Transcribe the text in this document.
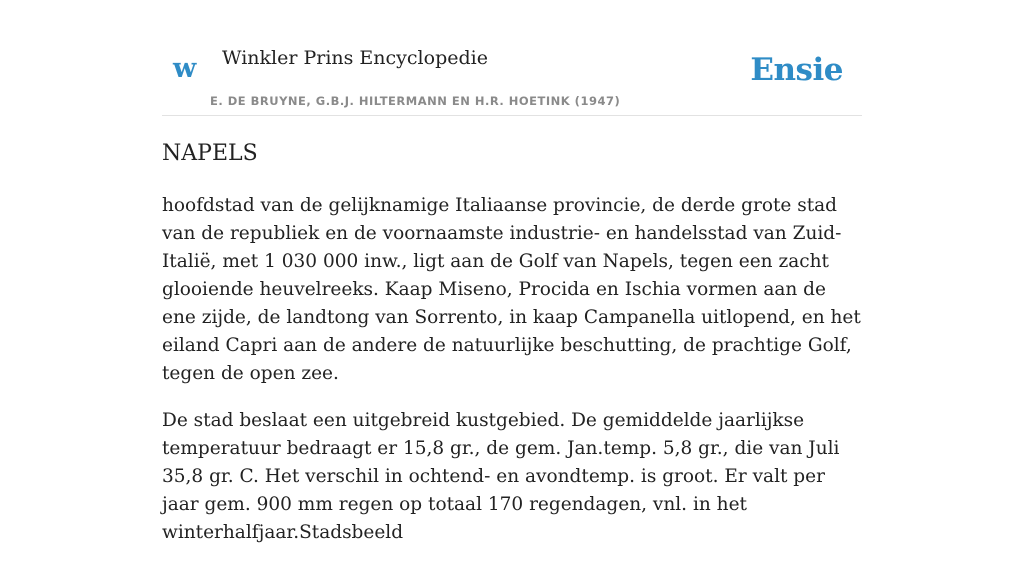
w Winkler Prins Encyclopedie
E. DE BRUYNE, G.B.J. HILTERMANN EN H.R. HOETINK (1947)
Ensie
NAPELS

hoofdstad van de gelijknamige Italiaanse provincie, de derde grote stad van de republiek en de voornaamste industrie- en handelsstad van Zuid-Italië, met 1 030 000 inw., ligt aan de Golf van Napels, tegen een zacht glooiende heuvelreeks. Kaap Miseno, Procida en Ischia vormen aan de ene zijde, de landtong van Sorrento, in kaap Campanella uitlopend, en het eiland Capri aan de andere de natuurlijke beschutting, de prachtige Golf, tegen de open zee.

De stad beslaat een uitgebreid kustgebied. De gemiddelde jaarlijkse temperatuur bedraagt er 15,8 gr., de gem. Jan.temp. 5,8 gr., die van Juli 35,8 gr. C. Het verschil in ochtend- en avondtemp. is groot. Er valt per jaar gem. 900 mm regen op totaal 170 regendagen, vnl. in het winterhalfjaar.Stadsbeeld
